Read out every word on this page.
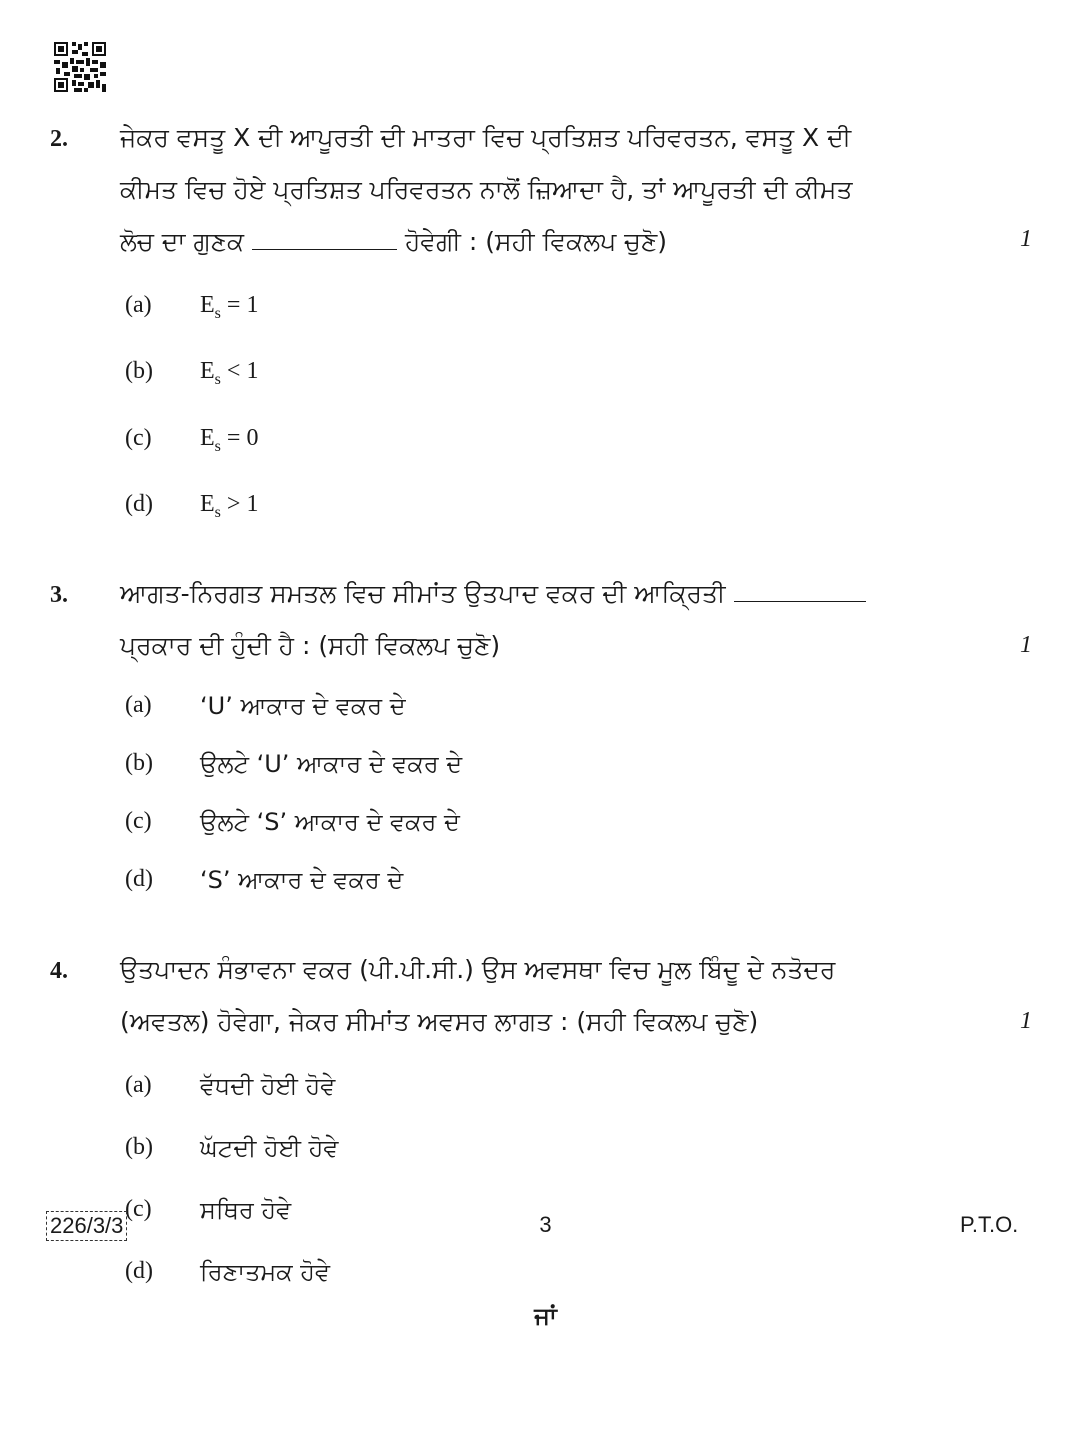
2. ਜੇਕਰ ਵਸਤੂ X ਦੀ ਆਪੂਰਤੀ ਦੀ ਮਾਤਰਾ ਵਿਚ ਪ੍ਰਤਿਸ਼ਤ ਪਰਿਵਰਤਨ, ਵਸਤੂ X ਦੀ
ਕੀਮਤ ਵਿਚ ਹੋਏ ਪ੍ਰਤਿਸ਼ਤ ਪਰਿਵਰਤਨ ਨਾਲੋਂ ਜ਼ਿਆਦਾ ਹੈ, ਤਾਂ ਆਪੂਰਤੀ ਦੀ ਕੀਮਤ
ਲੋਚ ਦਾ ਗੁਣਕ	ਹੋਵੇਗੀ : (ਸਹੀ ਵਿਕਲਪ ਚੁਣੋ)	1
(a)	$E_s = 1$
(b)	$E_s < 1$
(c)	$E_s = 0$
(d)	$E_s > 1$
3. ਆਗਤ-ਨਿਰਗਤ ਸਮਤਲ ਵਿਚ ਸੀਮਾਂਤ ਉਤਪਾਦ ਵਕਰ ਦੀ ਆਕ੍ਰਿਤੀ
ਪ੍ਰਕਾਰ ਦੀ ਹੁੰਦੀ ਹੈ : (ਸਹੀ ਵਿਕਲਪ ਚੁਣੋ)	1
(a)	‘U’ ਆਕਾਰ ਦੇ ਵਕਰ ਦੇ
(b)	ਉਲਟੇ ‘U’ ਆਕਾਰ ਦੇ ਵਕਰ ਦੇ
(c)	ਉਲਟੇ ‘S’ ਆਕਾਰ ਦੇ ਵਕਰ ਦੇ
(d)	‘S’ ਆਕਾਰ ਦੇ ਵਕਰ ਦੇ
4. ਉਤਪਾਦਨ ਸੰਭਾਵਨਾ ਵਕਰ (ਪੀ.ਪੀ.ਸੀ.) ਉਸ ਅਵਸਥਾ ਵਿਚ ਮੂਲ ਬਿੰਦੂ ਦੇ ਨਤੋਦਰ
(ਅਵਤਲ) ਹੋਵੇਗਾ, ਜੇਕਰ ਸੀਮਾਂਤ ਅਵਸਰ ਲਾਗਤ : (ਸਹੀ ਵਿਕਲਪ ਚੁਣੋ)	1
(a)	ਵੱਧਦੀ ਹੋਈ ਹੋਵੇ
(b)	ਘੱਟਦੀ ਹੋਈ ਹੋਵੇ
(c)	ਸਥਿਰ ਹੋਵੇ
(d)	ਰਿਣਾਤਮਕ ਹੋਵੇ
ਜਾਂ
226/3/3	3	P.T.O.
